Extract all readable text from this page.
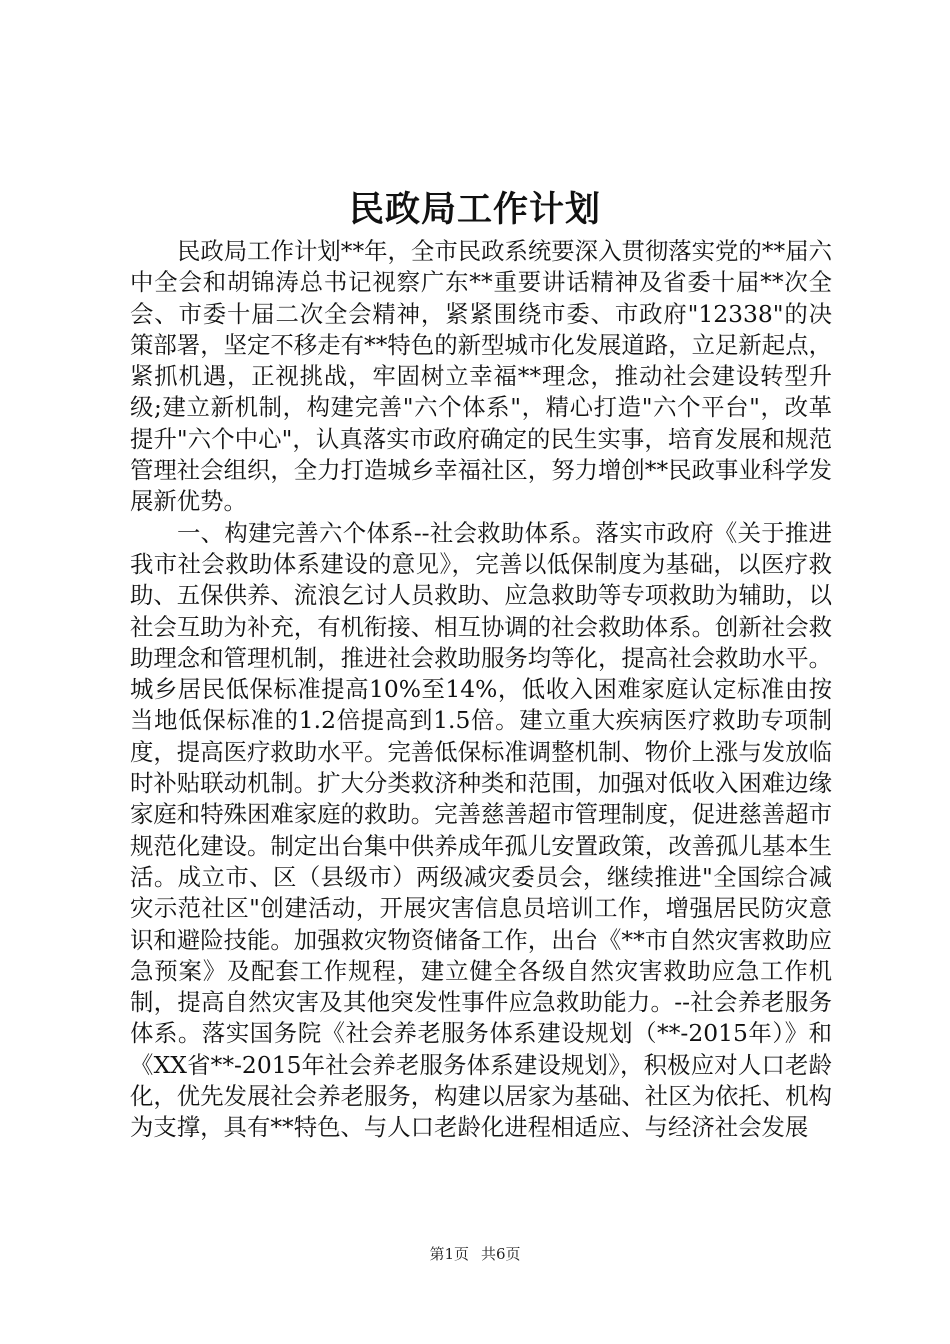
民政局工作计划

民政局工作计划**年，全市民政系统要深入贯彻落实党的**届六中全会和胡锦涛总书记视察广东**重要讲话精神及省委十届**次全会、市委十届二次全会精神，紧紧围绕市委、市政府"12338"的决策部署，坚定不移走有**特色的新型城市化发展道路，立足新起点，紧抓机遇，正视挑战，牢固树立幸福**理念，推动社会建设转型升级;建立新机制，构建完善"六个体系"，精心打造"六个平台"，改革提升"六个中心"，认真落实市政府确定的民生实事，培育发展和规范管理社会组织，全力打造城乡幸福社区，努力增创**民政事业科学发展新优势。

一、构建完善六个体系--社会救助体系。落实市政府《关于推进我市社会救助体系建设的意见》，完善以低保制度为基础，以医疗救助、五保供养、流浪乞讨人员救助、应急救助等专项救助为辅助，以社会互助为补充，有机衔接、相互协调的社会救助体系。创新社会救助理念和管理机制，推进社会救助服务均等化，提高社会救助水平。城乡居民低保标准提高10%至14%，低收入困难家庭认定标准由按当地低保标准的1.2倍提高到1.5倍。建立重大疾病医疗救助专项制度，提高医疗救助水平。完善低保标准调整机制、物价上涨与发放临时补贴联动机制。扩大分类救济种类和范围，加强对低收入困难边缘家庭和特殊困难家庭的救助。完善慈善超市管理制度，促进慈善超市规范化建设。制定出台集中供养成年孤儿安置政策，改善孤儿基本生活。成立市、区（县级市）两级减灾委员会，继续推进"全国综合减灾示范社区"创建活动，开展灾害信息员培训工作，增强居民防灾意识和避险技能。加强救灾物资储备工作，出台《**市自然灾害救助应急预案》及配套工作规程，建立健全各级自然灾害救助应急工作机制，提高自然灾害及其他突发性事件应急救助能力。--社会养老服务体系。落实国务院《社会养老服务体系建设规划（**-2015年）》和《XX省**-2015年社会养老服务体系建设规划》，积极应对人口老龄化，优先发展社会养老服务，构建以居家为基础、社区为依托、机构为支撑，具有**特色、与人口老龄化进程相适应、与经济社会发展

第1页 共6页
